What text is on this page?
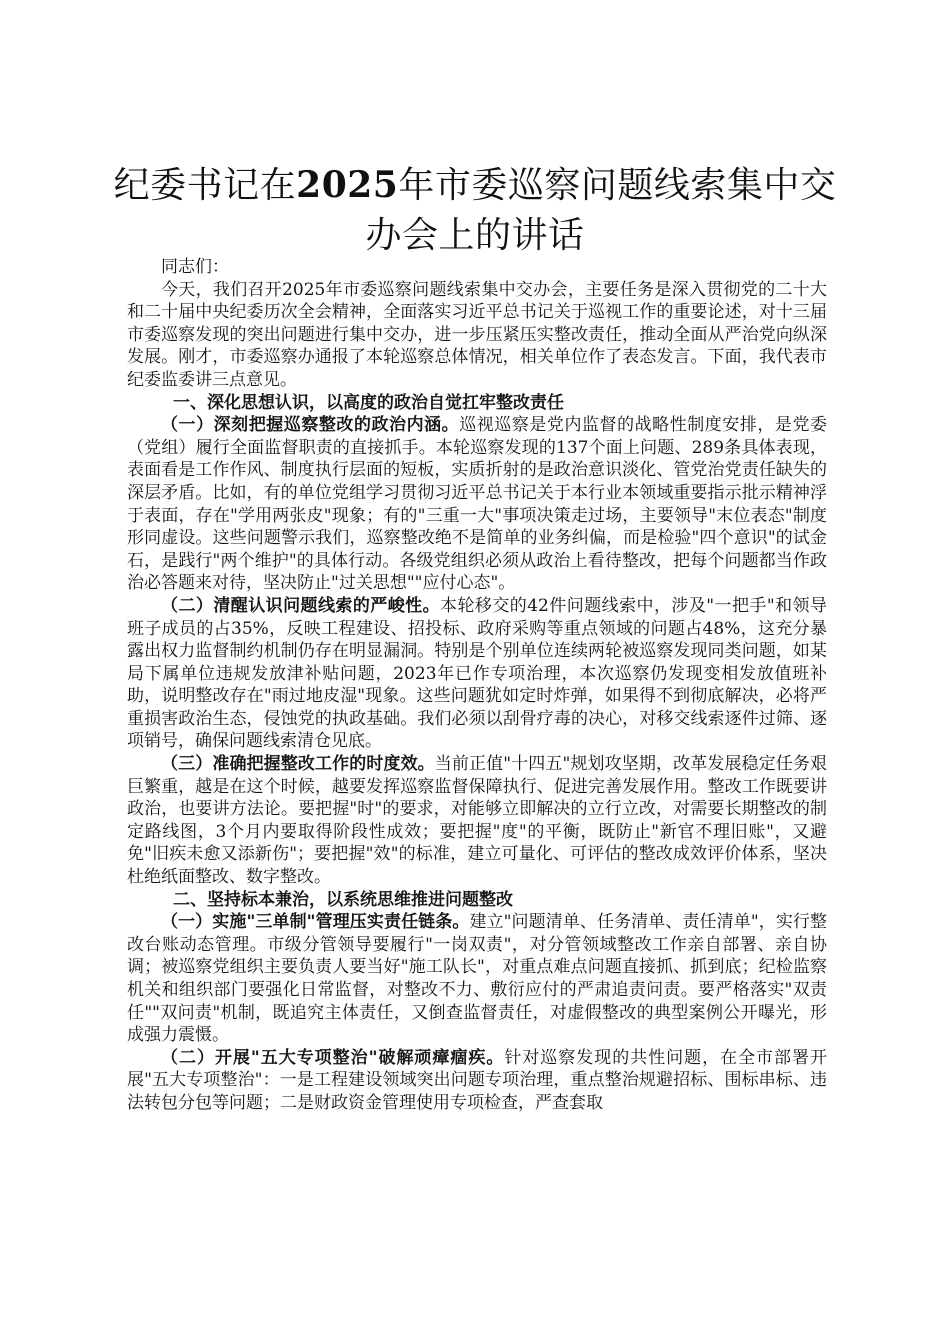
纪委书记在2025年市委巡察问题线索集中交
办会上的讲话

同志们：

今天，我们召开2025年市委巡察问题线索集中交办会，主要任务是深入贯彻党的二十大和二十届中央纪委历次全会精神，全面落实习近平总书记关于巡视工作的重要论述，对十三届市委巡察发现的突出问题进行集中交办，进一步压紧压实整改责任，推动全面从严治党向纵深发展。刚才，市委巡察办通报了本轮巡察总体情况，相关单位作了表态发言。下面，我代表市纪委监委讲三点意见。

一、深化思想认识，以高度的政治自觉扛牢整改责任

（一）深刻把握巡察整改的政治内涵。巡视巡察是党内监督的战略性制度安排，是党委（党组）履行全面监督职责的直接抓手。本轮巡察发现的137个面上问题、289条具体表现，表面看是工作作风、制度执行层面的短板，实质折射的是政治意识淡化、管党治党责任缺失的深层矛盾。比如，有的单位党组学习贯彻习近平总书记关于本行业本领域重要指示批示精神浮于表面，存在"学用两张皮"现象；有的"三重一大"事项决策走过场，主要领导"末位表态"制度形同虚设。这些问题警示我们，巡察整改绝不是简单的业务纠偏，而是检验"四个意识"的试金石，是践行"两个维护"的具体行动。各级党组织必须从政治上看待整改，把每个问题都当作政治必答题来对待，坚决防止"过关思想""应付心态"。

（二）清醒认识问题线索的严峻性。本轮移交的42件问题线索中，涉及"一把手"和领导班子成员的占35%，反映工程建设、招投标、政府采购等重点领域的问题占48%，这充分暴露出权力监督制约机制仍存在明显漏洞。特别是个别单位连续两轮被巡察发现同类问题，如某局下属单位违规发放津补贴问题，2023年已作专项治理，本次巡察仍发现变相发放值班补助，说明整改存在"雨过地皮湿"现象。这些问题犹如定时炸弹，如果得不到彻底解决，必将严重损害政治生态，侵蚀党的执政基础。我们必须以刮骨疗毒的决心，对移交线索逐件过筛、逐项销号，确保问题线索清仓见底。

（三）准确把握整改工作的时度效。当前正值"十四五"规划攻坚期，改革发展稳定任务艰巨繁重，越是在这个时候，越要发挥巡察监督保障执行、促进完善发展作用。整改工作既要讲政治，也要讲方法论。要把握"时"的要求，对能够立即解决的立行立改，对需要长期整改的制定路线图，3个月内要取得阶段性成效；要把握"度"的平衡，既防止"新官不理旧账"，又避免"旧疾未愈又添新伤"；要把握"效"的标准，建立可量化、可评估的整改成效评价体系，坚决杜绝纸面整改、数字整改。

二、坚持标本兼治，以系统思维推进问题整改

（一）实施"三单制"管理压实责任链条。建立"问题清单、任务清单、责任清单"，实行整改台账动态管理。市级分管领导要履行"一岗双责"，对分管领域整改工作亲自部署、亲自协调；被巡察党组织主要负责人要当好"施工队长"，对重点难点问题直接抓、抓到底；纪检监察机关和组织部门要强化日常监督，对整改不力、敷衍应付的严肃追责问责。要严格落实"双责任""双问责"机制，既追究主体责任，又倒查监督责任，对虚假整改的典型案例公开曝光，形成强力震慑。

（二）开展"五大专项整治"破解顽瘴痼疾。针对巡察发现的共性问题，在全市部署开展"五大专项整治"：一是工程建设领域突出问题专项治理，重点整治规避招标、围标串标、违法转包分包等问题；二是财政资金管理使用专项检查，严查套取
